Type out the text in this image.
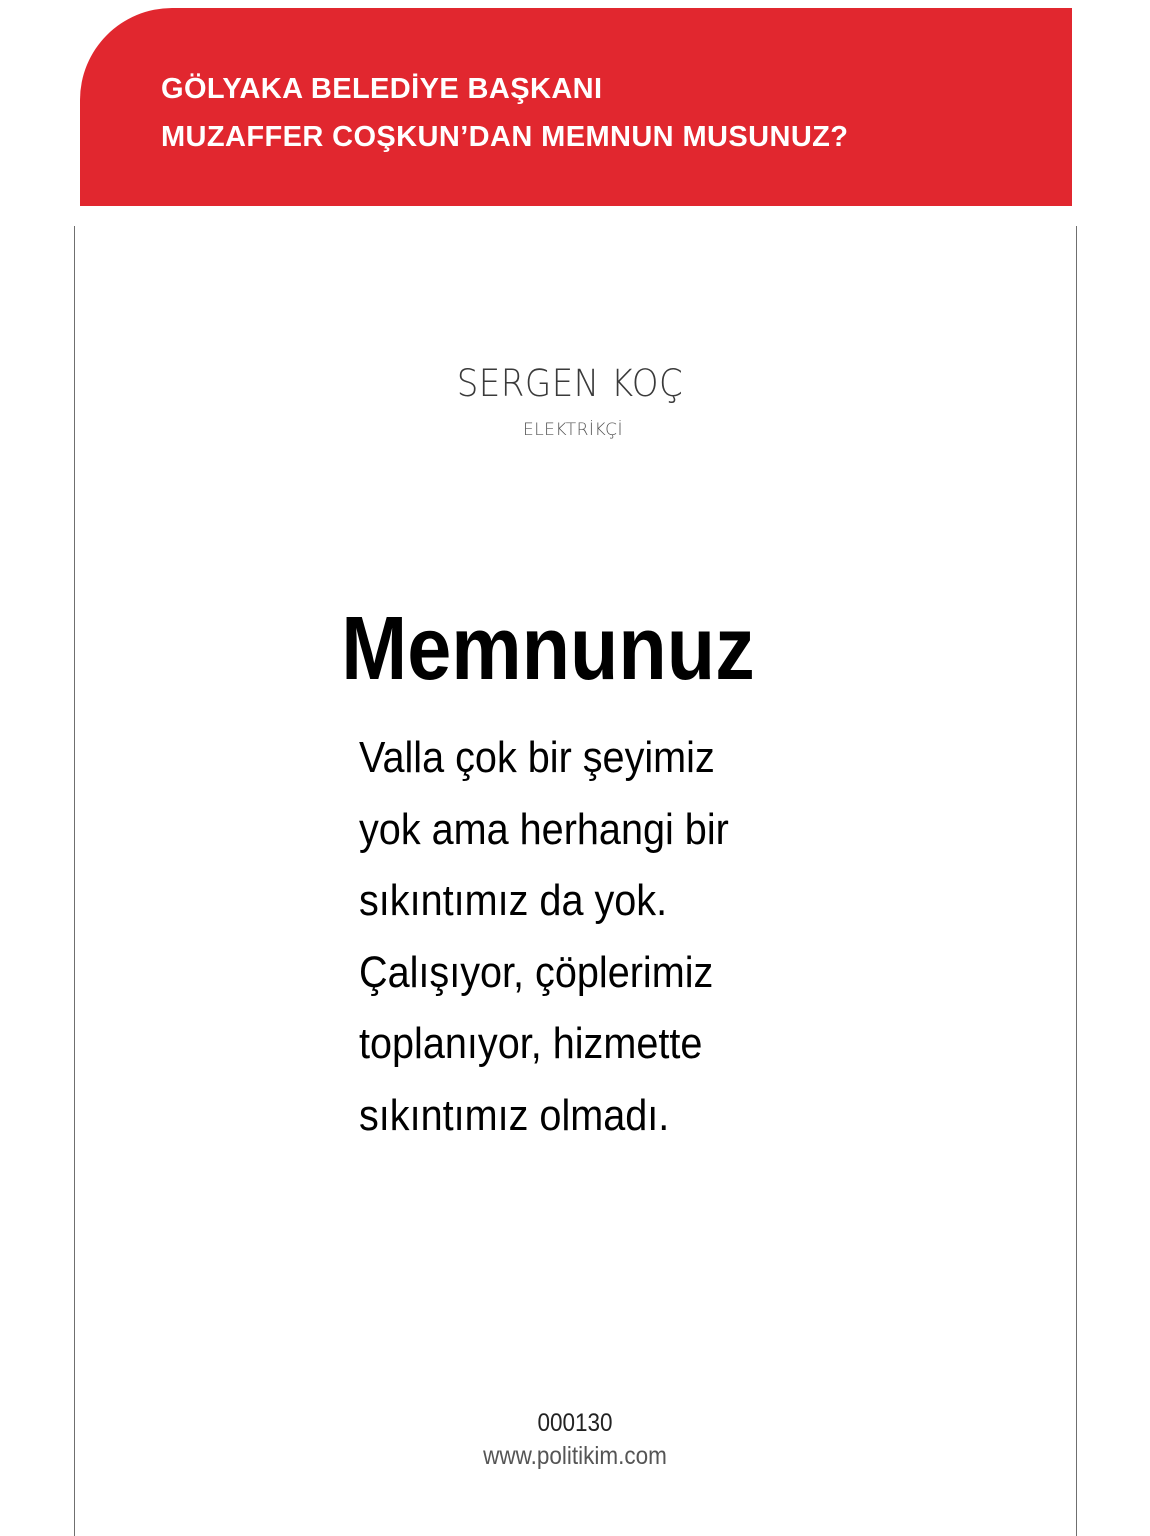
GÖLYAKA BELEDİYE BAŞKANI
MUZAFFER COŞKUN’DAN MEMNUN MUSUNUZ?
SERGEN KOÇ
ELEKTRİKÇİ
Memnunuz

Valla çok bir şeyimiz

yok ama herhangi bir

sıkıntımız da yok.

Çalışıyor, çöplerimiz

toplanıyor, hizmette

sıkıntımız olmadı.

000130
www.politikim.com
